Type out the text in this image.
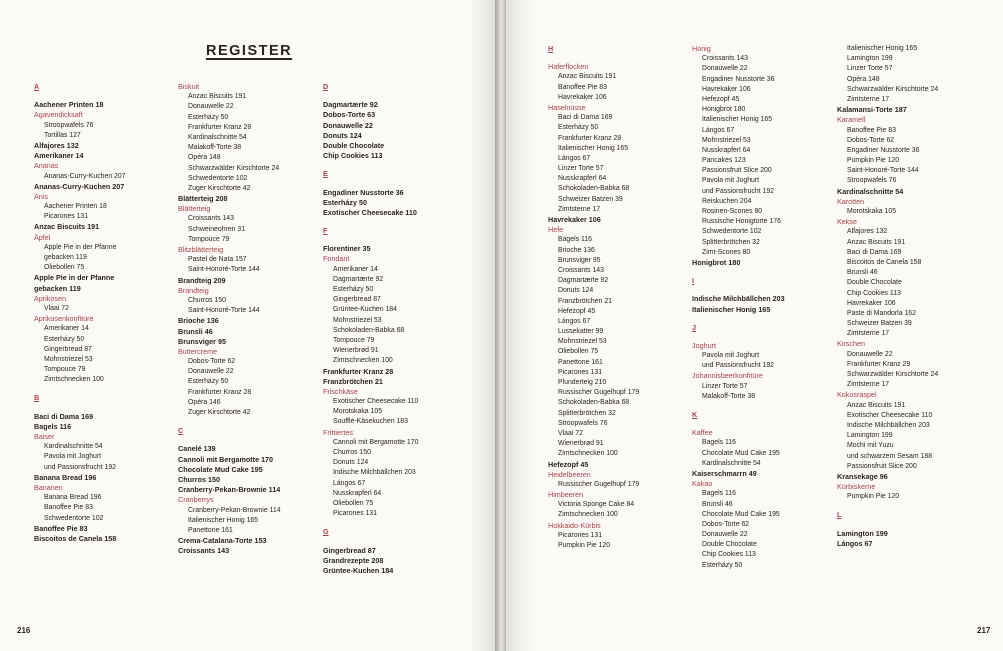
REGISTER
A
Aachener Printen 18
Agavendicksaft
Stroopwafels 76
Tortillas 127
Alfajores 132
Amerikaner 14
Ananas
Ananas-Curry-Kuchen 207
Ananas-Curry-Kuchen 207
Anis
Aachener Printen 18
Picarones 131
Anzac Biscuits 191
Äpfel
Apple Pie in der Pfanne
gebacken 119
Oliebollen 75
Apple Pie in der Pfanne
gebacken 119
Aprikosen
Vlaai 72
Aprikosenkonfitüre
Amerikaner 14
Esterházy 50
Gingerbread 87
Mohnstriezel 53
Tompouce 79
Zimtschnecken 100
B
Baci di Dama 169
Bagels 116
Baiser
Kardinalschnitte 54
Pavola mit Joghurt
und Passionsfrucht 192
Banana Bread 196
Bananen
Banana Bread 196
Banoffee Pie 83
Schwedentorte 102
Banoffee Pie 83
Biscoitos de Canela 158
Biskuit
Anzac Biscuits 191
Donauwelle 22
Esterházy 50
Frankfurter Kranz 28
Kardinalschnitte 54
Malakoff-Torte 38
Opéra 148
Schwarzwälder Kirschtorte 24
Schwedentorte 102
Zuger Kirschtorte 42
Blätterteig 208
Blätterteig
Croissants 143
Schweineohren 31
Tompouce 79
Blitzblätterteig
Pastel de Nata 157
Saint-Honoré-Torte 144
Brandteig 209
Brandteig
Churros 150
Saint-Honoré-Torte 144
Brioche 136
Brunsli 46
Brunsviger 95
Buttercreme
Dobos-Torte 62
Donauwelle 22
Esterházy 50
Frankfurter Kranz 28
Opéra 146
Zuger Kirschtorte 42
C
Canelé 139
Cannoli mit Bergamotte 170
Chocolate Mud Cake 195
Churros 150
Cranberry-Pekan-Brownie 114
Cranberrys
Cranberry-Pekan-Brownie 114
Italienischer Honig 165
Panettone 161
Crema-Catalana-Torte 153
Croissants 143
D
Dagmartærte 92
Dobos-Torte 63
Donauwelle 22
Donuts 124
Double Chocolate
Chip Cookies 113
E
Engadiner Nusstorte 36
Esterházy 50
Exotischer Cheesecake 110
F
Florentiner 35
Fondant
Amerikaner 14
Dagmartærte 92
Esterházy 50
Gingerbread 87
Grüntee-Kuchen 184
Mohnstriezel 53
Schokoladen-Babka 68
Tompouce 79
Wienerbrød 91
Zimtschnecken 100
Frankfurter Kranz 28
Franzbrötchen 21
Frischkäse
Exotischer Cheesecake 110
Morotskaka 105
Soufflé-Käsekuchen 183
Frittiertes
Cannoli mit Bergamotte 170
Churros 150
Donuts 124
Indische Milchbällchen 203
Lángos 67
Nusskrapferl 64
Oliebollen 75
Picarones 131
G
Gingerbread 87
Grandrezepte 208
Grüntee-Kuchen 184
216
H
Haferflocken
Anzac Biscuits 191
Banoffee Pie 83
Havrekaker 106
Haselnüsse
Baci di Dama 169
Esterházy 50
Frankfurter Kranz 28
Italienischer Honig 165
Lángos 67
Linzer Torte 57
Nusskrapferl 64
Schokoladen-Babka 68
Schweizer Batzen 39
Zimtsterne 17
Havrekaker 106
Hefe
Bagels 116
Brioche 136
Brunsviger 95
Croissants 143
Dagmartærte 92
Donuts 124
Franzbrötchen 21
Hefezopf 45
Lángos 67
Lussekatter 99
Mohnstriezel 53
Oliebollen 75
Panettone 161
Picarones 131
Plunderteig 210
Russischer Gugelhupf 179
Schokoladen-Babka 68
Splitterbrötchen 32
Stroopwafels 76
Vlaai 72
Wienerbrød 91
Zimtschnecken 100
Hefezopf 45
Heidelbeeren
Russischer Gugelhupf 179
Himbeeren
Victoria Sponge Cake 84
Zimtschnecken 100
Hokkaido-Kürbis
Picarones 131
Pumpkin Pie 120
Honig
Croissants 143
Donauwelle 22
Engadiner Nusstorte 36
Havrekaker 106
Hefezopf 45
Honigbrot 180
Italienischer Honig 165
Lángos 67
Mohnstriezel 53
Nusskrapferl 64
Pancakes 123
Passionsfruit Slice 200
Pavola mit Joghurt
und Passionsfrucht 192
Reiskuchen 204
Rosinen-Scones 80
Russische Honigtorte 176
Schwedentorte 102
Splitterbrötchen 32
Zimt-Scones 80
Honigbrot 180
I
Indische Milchbällchen 203
Italienischer Honig 165
J
Joghurt
Pavola mit Joghurt
und Passionsfrucht 192
Johannisbeerkonfitüre
Linzer Torte 57
Malakoff-Torte 38
K
Kaffee
Bagels 116
Chocolate Mud Cake 195
Kardinalschnitte 54
Kaiserschmarrn 49
Kakao
Bagels 116
Brunsli 46
Chocolate Mud Cake 195
Dobos-Torte 62
Donauwelle 22
Double Chocolate
Chip Cookies 113
Esterházy 50
Italienischer Honig 165
Lamington 199
Linzer Torte 57
Opéra 148
Schwarzwälder Kirschtorte 24
Zimtsterne 17
Kalamansi-Torte 187
Karamell
Banoffee Pie 83
Dobos-Torte 62
Engadiner Nusstorte 36
Pumpkin Pie 120
Saint-Honoré-Torte 144
Stroopwafels 76
Kardinalschnitte 54
Karotten
Morotskaka 105
Kekse
Alfajores 132
Anzac Biscuits 191
Baci di Dama 169
Biscoitos de Canela 158
Brunsli 46
Double Chocolate
Chip Cookies 113
Havrekaker 106
Paste di Mandorla 162
Schweizer Batzen 39
Zimtsterne 17
Kirschen
Donauwelle 22
Frankfurter Kranz 29
Schwarzwälder Kirschtorte 24
Zimtsterne 17
Kokosraspel
Anzac Biscuits 191
Exotischer Cheesecake 110
Indische Milchbällchen 203
Lamington 199
Mochi mit Yuzu
und schwarzem Sesam 188
Passionsfruit Slice 200
Kransekage 96
Kürbiskerne
Pumpkin Pie 120
L
Lamington 199
Lángos 67
217
